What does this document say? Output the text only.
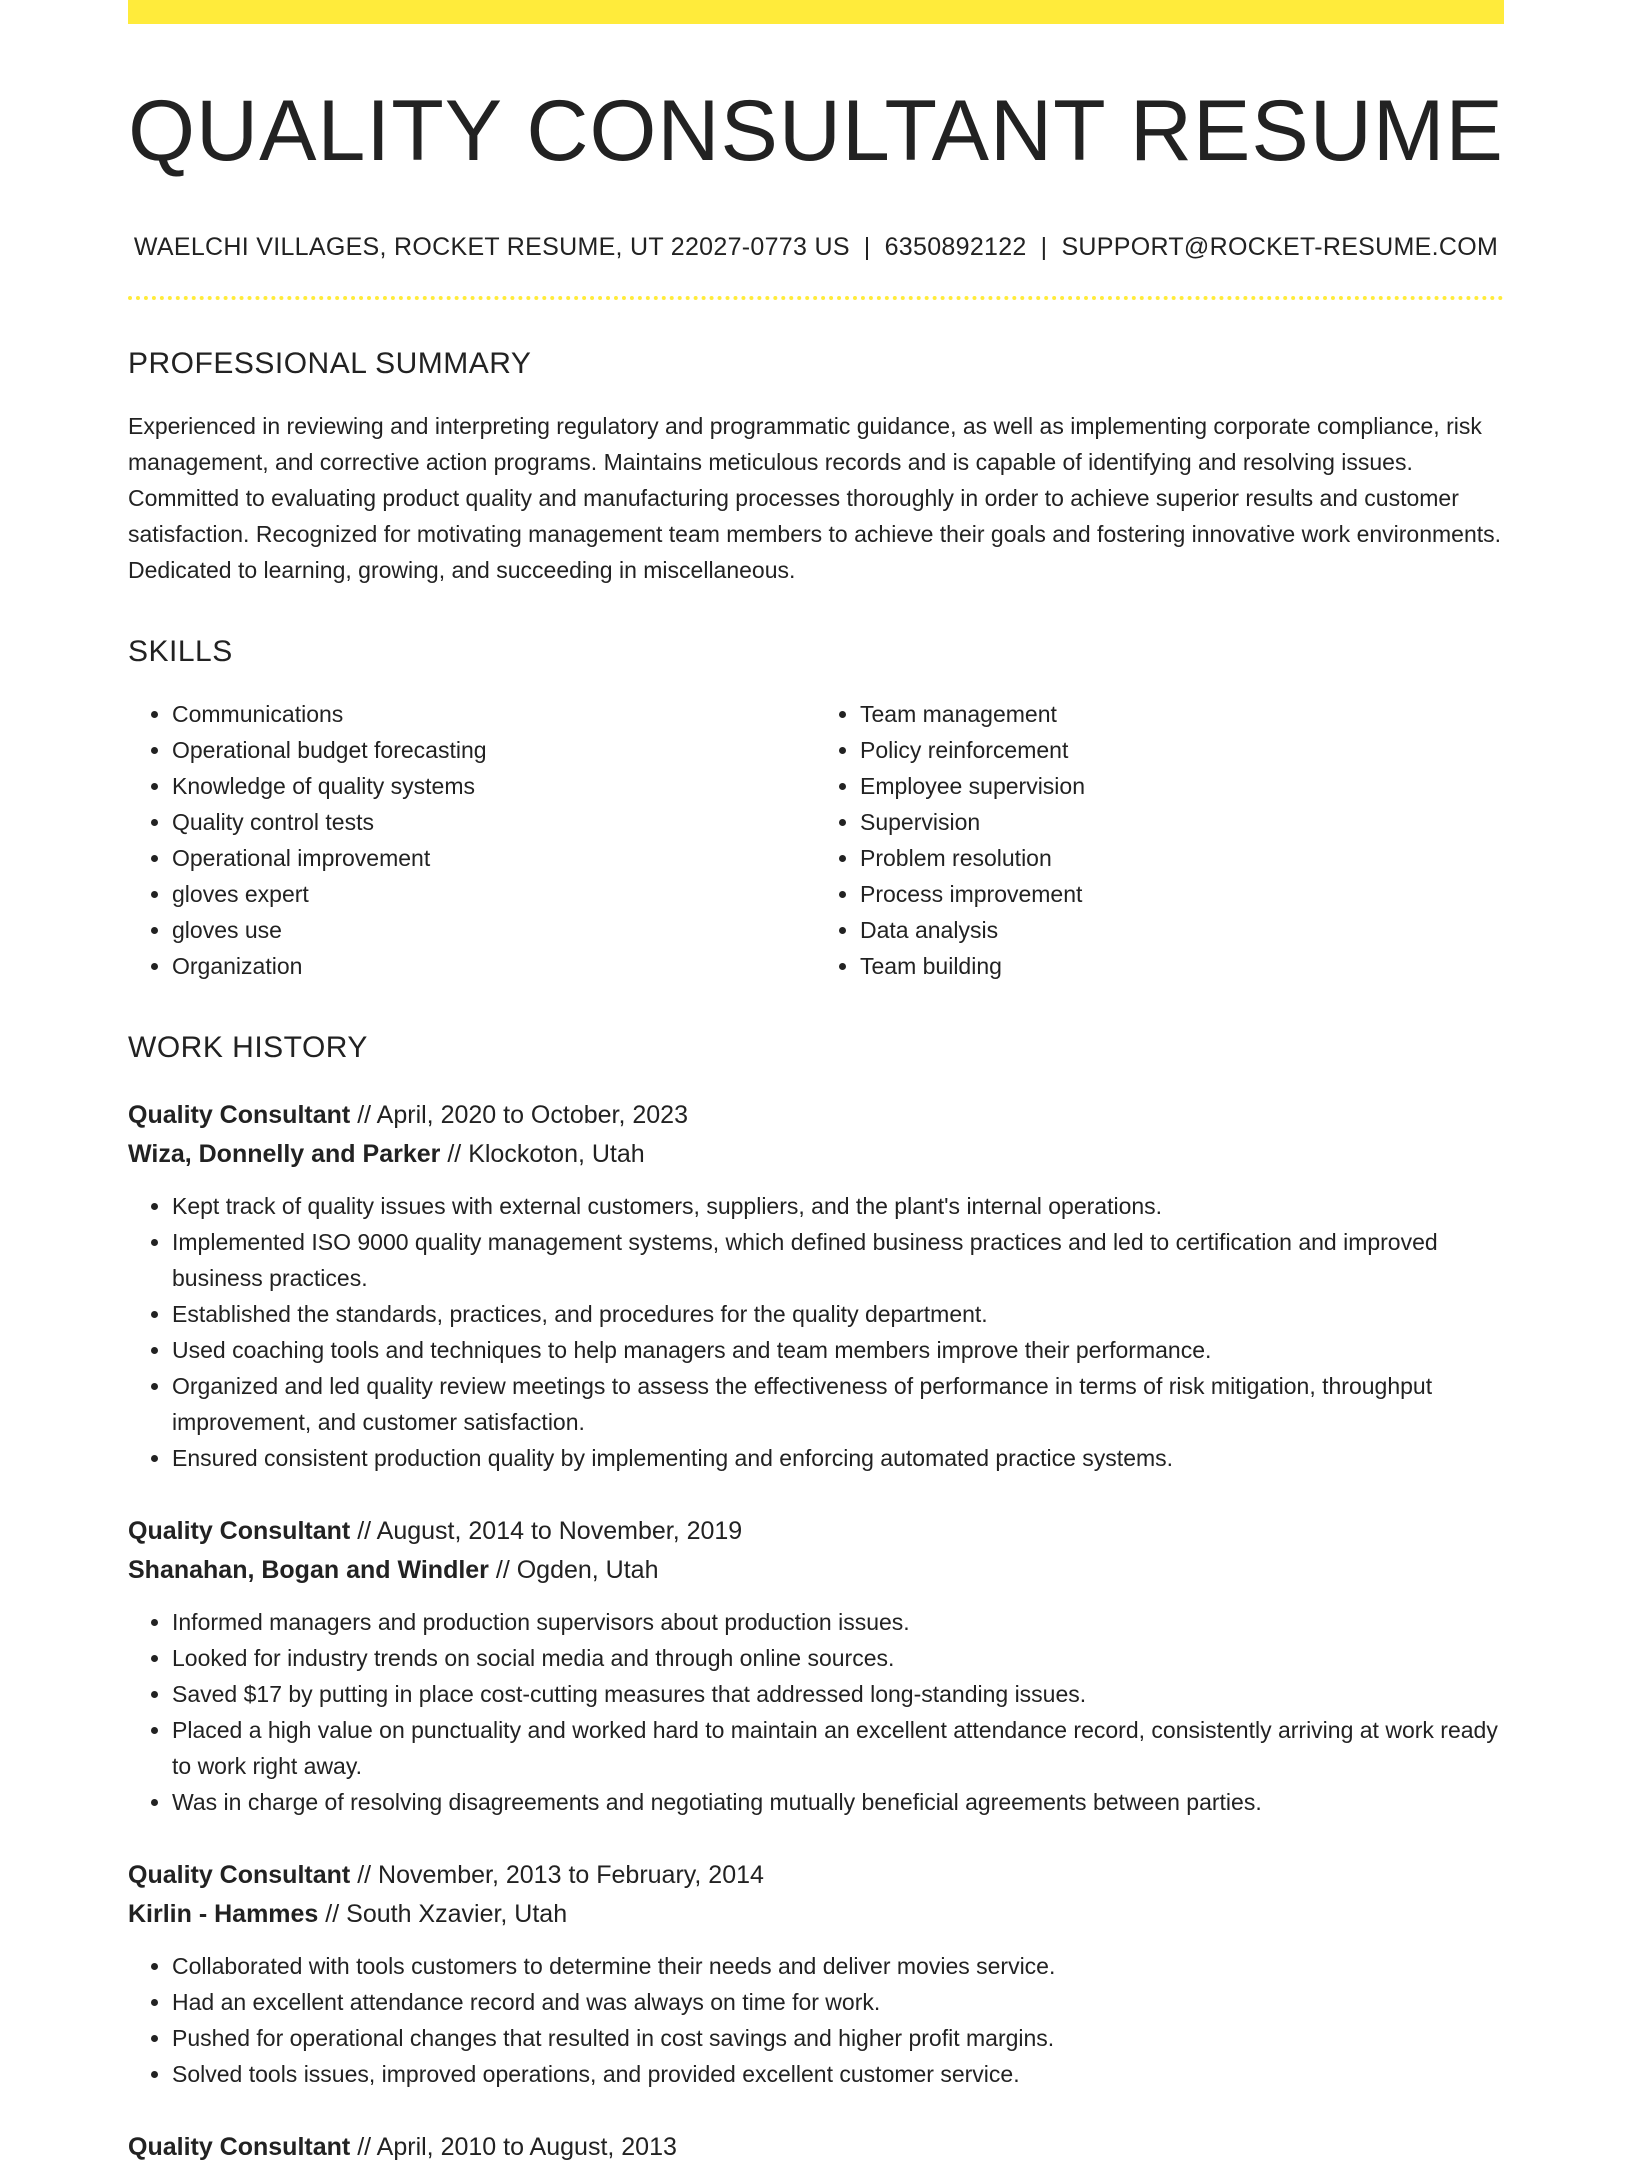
QUALITY CONSULTANT RESUME
WAELCHI VILLAGES, ROCKET RESUME, UT 22027-0773 US | 6350892122 | SUPPORT@ROCKET-RESUME.COM
PROFESSIONAL SUMMARY

Experienced in reviewing and interpreting regulatory and programmatic guidance, as well as implementing corporate compliance, risk management, and corrective action programs. Maintains meticulous records and is capable of identifying and resolving issues. Committed to evaluating product quality and manufacturing processes thoroughly in order to achieve superior results and customer satisfaction. Recognized for motivating management team members to achieve their goals and fostering innovative work environments. Dedicated to learning, growing, and succeeding in miscellaneous.

SKILLS
• Communications
• Operational budget forecasting
• Knowledge of quality systems
• Quality control tests
• Operational improvement
• gloves expert
• gloves use
• Organization
• Team management
• Policy reinforcement
• Employee supervision
• Supervision
• Problem resolution
• Process improvement
• Data analysis
• Team building
WORK HISTORY
Quality Consultant // April, 2020 to October, 2023
Wiza, Donnelly and Parker // Klockoton, Utah
• Kept track of quality issues with external customers, suppliers, and the plant's internal operations.
• Implemented ISO 9000 quality management systems, which defined business practices and led to certification and improved business practices.
• Established the standards, practices, and procedures for the quality department.
• Used coaching tools and techniques to help managers and team members improve their performance.
• Organized and led quality review meetings to assess the effectiveness of performance in terms of risk mitigation, throughput improvement, and customer satisfaction.
• Ensured consistent production quality by implementing and enforcing automated practice systems.
Quality Consultant // August, 2014 to November, 2019
Shanahan, Bogan and Windler // Ogden, Utah
• Informed managers and production supervisors about production issues.
• Looked for industry trends on social media and through online sources.
• Saved $17 by putting in place cost-cutting measures that addressed long-standing issues.
• Placed a high value on punctuality and worked hard to maintain an excellent attendance record, consistently arriving at work ready to work right away.
• Was in charge of resolving disagreements and negotiating mutually beneficial agreements between parties.
Quality Consultant // November, 2013 to February, 2014
Kirlin - Hammes // South Xzavier, Utah
• Collaborated with tools customers to determine their needs and deliver movies service.
• Had an excellent attendance record and was always on time for work.
• Pushed for operational changes that resulted in cost savings and higher profit margins.
• Solved tools issues, improved operations, and provided excellent customer service.
Quality Consultant // April, 2010 to August, 2013
